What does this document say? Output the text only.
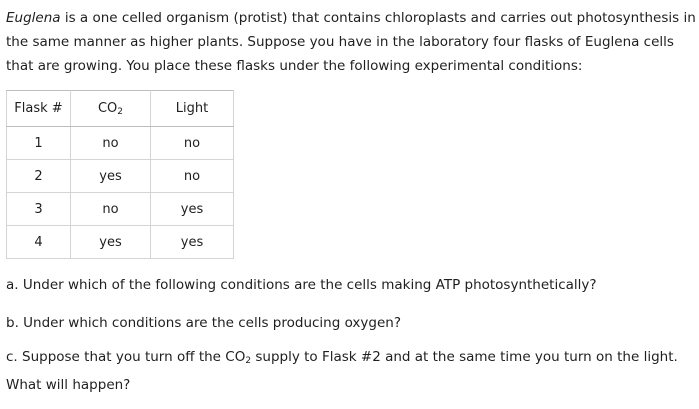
Euglena is a one celled organism (protist) that contains chloroplasts and carries out photosynthesis in the same manner as higher plants. Suppose you have in the laboratory four flasks of Euglena cells that are growing. You place these flasks under the following experimental conditions:
Flask #	$CO_2$	Light
1	no	no
2	yes	no
3	no	yes
4	yes	yes
a. Under which of the following conditions are the cells making ATP photosynthetically?
b. Under which conditions are the cells producing oxygen?
c. Suppose that you turn off the $CO_2$ supply to Flask #2 and at the same time you turn on the light. What will happen?
